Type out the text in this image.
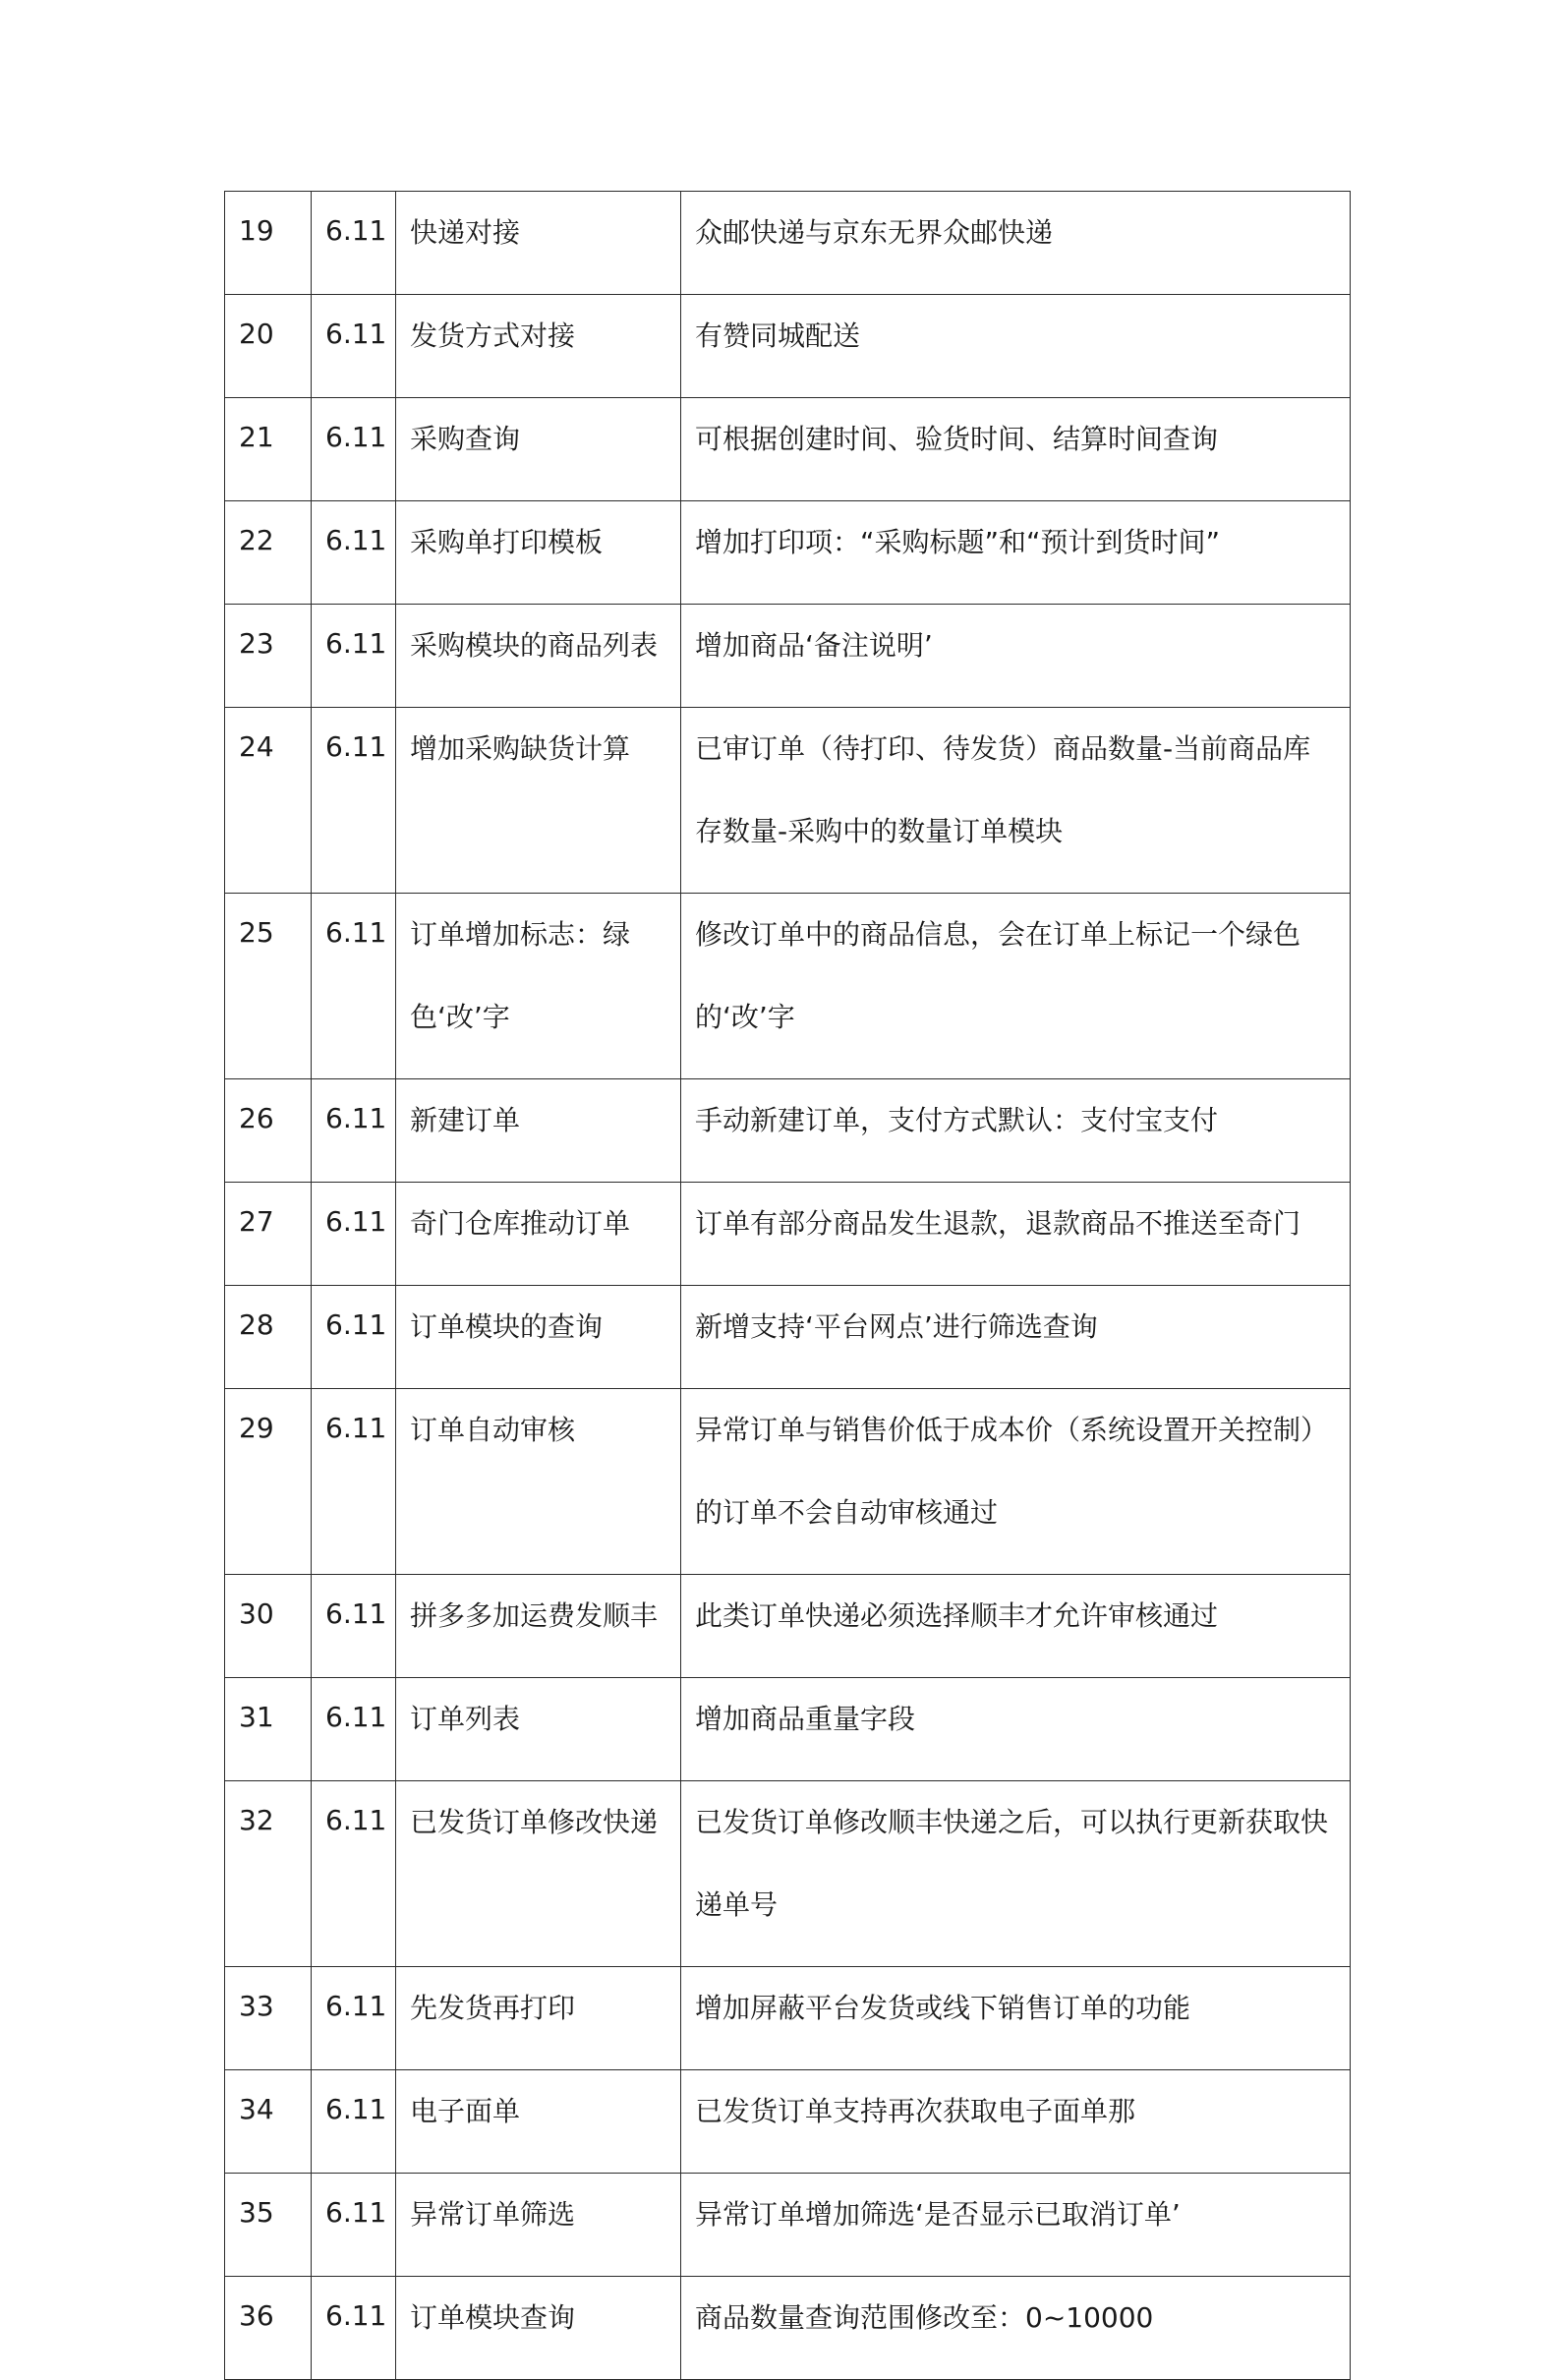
19	6.11	快递对接	众邮快递与京东无界众邮快递
20	6.11	发货方式对接	有赞同城配送
21	6.11	采购查询	可根据创建时间、验货时间、结算时间查询
22	6.11	采购单打印模板	增加打印项：“采购标题”和“预计到货时间”
23	6.11	采购模块的商品列表	增加商品‘备注说明’
24	6.11	增加采购缺货计算	已审订单（待打印、待发货）商品数量-当前商品库存数量-采购中的数量订单模块
25	6.11	订单增加标志：绿色‘改’字	修改订单中的商品信息，会在订单上标记一个绿色的‘改’字
26	6.11	新建订单	手动新建订单，支付方式默认：支付宝支付
27	6.11	奇门仓库推动订单	订单有部分商品发生退款，退款商品不推送至奇门
28	6.11	订单模块的查询	新增支持‘平台网点’进行筛选查询
29	6.11	订单自动审核	异常订单与销售价低于成本价（系统设置开关控制）的订单不会自动审核通过
30	6.11	拼多多加运费发顺丰	此类订单快递必须选择顺丰才允许审核通过
31	6.11	订单列表	增加商品重量字段
32	6.11	已发货订单修改快递	已发货订单修改顺丰快递之后，可以执行更新获取快递单号
33	6.11	先发货再打印	增加屏蔽平台发货或线下销售订单的功能
34	6.11	电子面单	已发货订单支持再次获取电子面单那
35	6.11	异常订单筛选	异常订单增加筛选‘是否显示已取消订单’
36	6.11	订单模块查询	商品数量查询范围修改至：0~10000
